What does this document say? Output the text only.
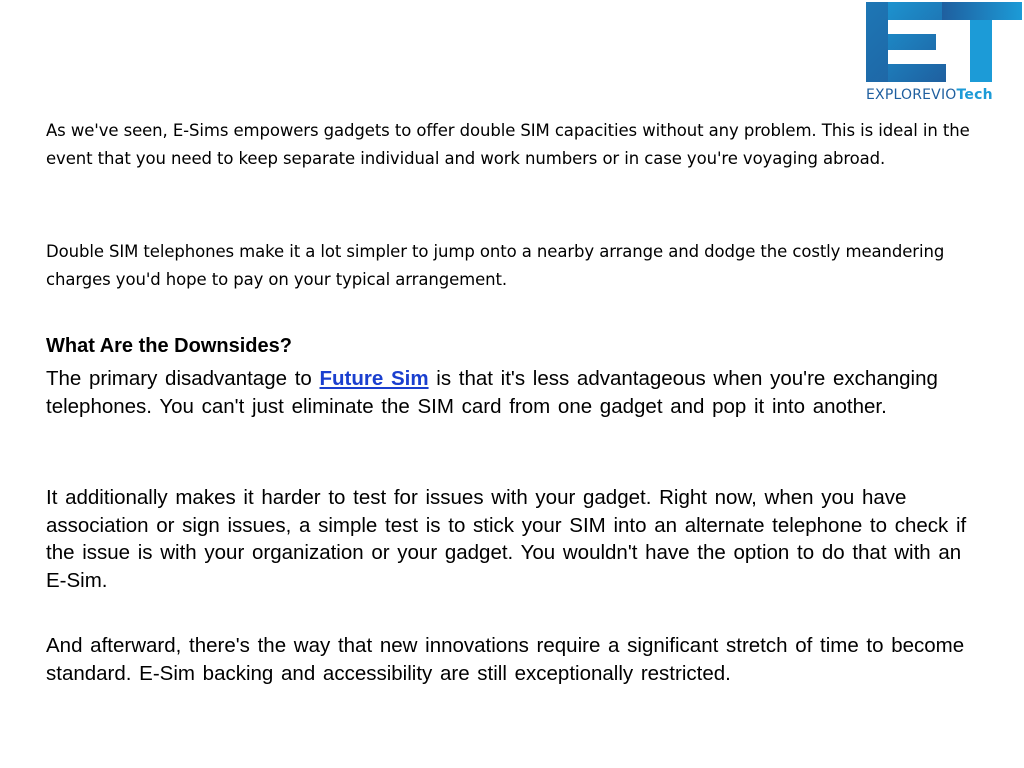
EXPLOREVIOTech

As we've seen, E-Sims empowers gadgets to offer double SIM capacities without any problem. This is ideal in the event that you need to keep separate individual and work numbers or in case you're voyaging abroad.

Double SIM telephones make it a lot simpler to jump onto a nearby arrange and dodge the costly meandering charges you'd hope to pay on your typical arrangement.

What Are the Downsides?

The primary disadvantage to Future Sim is that it's less advantageous when you're exchanging telephones. You can't just eliminate the SIM card from one gadget and pop it into another.

It additionally makes it harder to test for issues with your gadget. Right now, when you have association or sign issues, a simple test is to stick your SIM into an alternate telephone to check if the issue is with your organization or your gadget. You wouldn't have the option to do that with an E-Sim.

And afterward, there's the way that new innovations require a significant stretch of time to become standard. E-Sim backing and accessibility are still exceptionally restricted.
